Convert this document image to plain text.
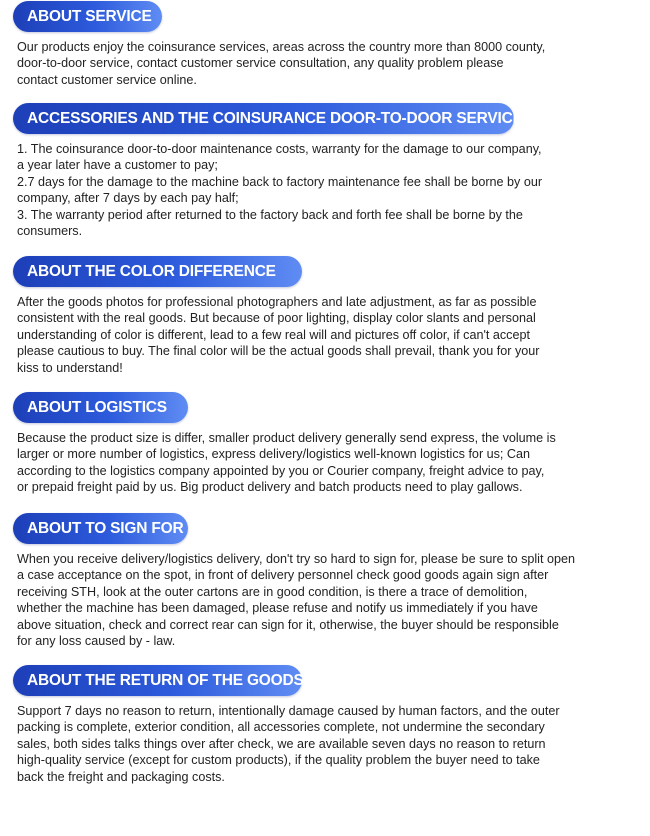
ABOUT SERVICE

Our products enjoy the coinsurance services, areas across the country more than 8000 county,

door-to-door service, contact customer service consultation, any quality problem please

contact customer service online.

ACCESSORIES AND THE COINSURANCE DOOR-TO-DOOR SERVICE

1. The coinsurance door-to-door maintenance costs, warranty for the damage to our company,

a year later have a customer to pay;

2.7 days for the damage to the machine back to factory maintenance fee shall be borne by our

company, after 7 days by each pay half;

3. The warranty period after returned to the factory back and forth fee shall be borne by the

consumers.

ABOUT THE COLOR DIFFERENCE

After the goods photos for professional photographers and late adjustment, as far as possible

consistent with the real goods. But because of poor lighting, display color slants and personal

understanding of color is different, lead to a few real will and pictures off color, if can't accept

please cautious to buy. The final color will be the actual goods shall prevail, thank you for your

kiss to understand!

ABOUT LOGISTICS

Because the product size is differ, smaller product delivery generally send express, the volume is

larger or more number of logistics, express delivery/logistics well-known logistics for us; Can

according to the logistics company appointed by you or Courier company, freight advice to pay,

or prepaid freight paid by us. Big product delivery and batch products need to play gallows.

ABOUT TO SIGN FOR

When you receive delivery/logistics delivery, don't try so hard to sign for, please be sure to split open

a case acceptance on the spot, in front of delivery personnel check good goods again sign after

receiving STH, look at the outer cartons are in good condition, is there a trace of demolition,

whether the machine has been damaged, please refuse and notify us immediately if you have

above situation, check and correct rear can sign for it, otherwise, the buyer should be responsible

for any loss caused by - law.

ABOUT THE RETURN OF THE GOODS

Support 7 days no reason to return, intentionally damage caused by human factors, and the outer

packing is complete, exterior condition, all accessories complete, not undermine the secondary

sales, both sides talks things over after check, we are available seven days no reason to return

high-quality service (except for custom products), if the quality problem the buyer need to take

back the freight and packaging costs.
